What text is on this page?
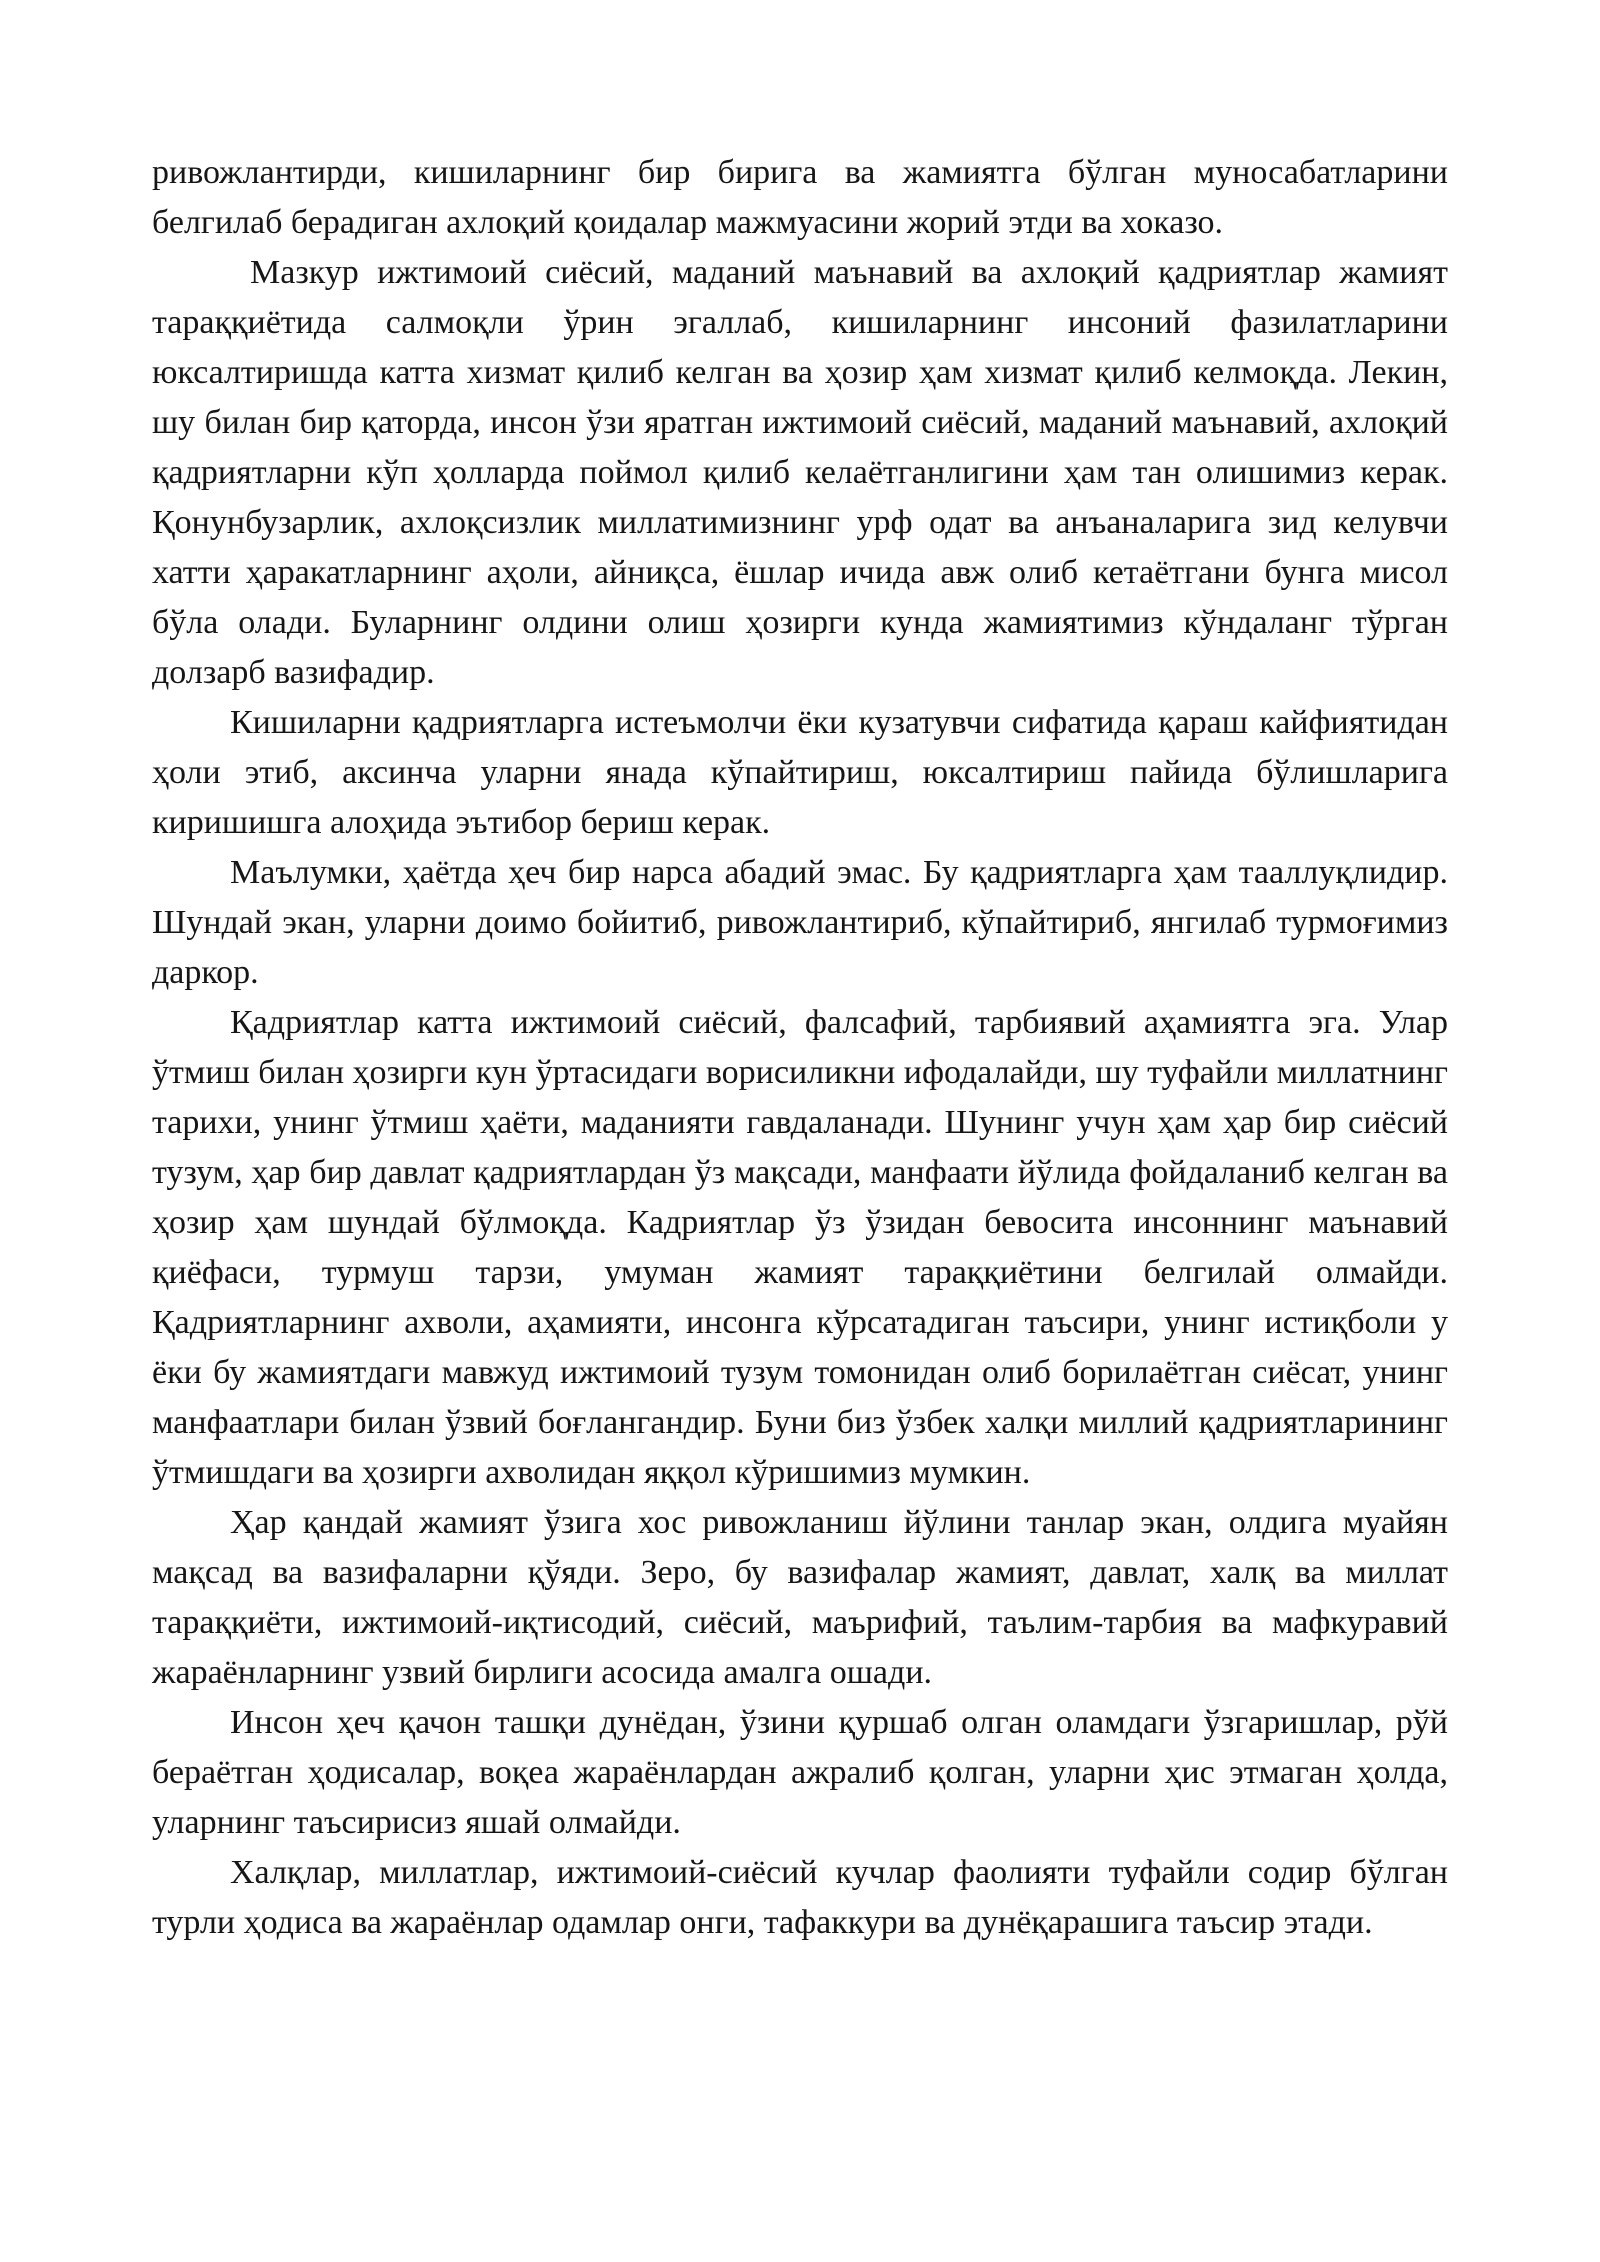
ривожлантирди, кишиларнинг бир бирига ва жамиятга бўлган муносабатларини белгилаб берадиган ахлоқий қоидалар мажмуасини жорий этди ва хоказо.

Мазкур ижтимоий сиёсий, маданий маънавий ва ахлоқий қадриятлар жамият тараққиётида салмоқли ўрин эгаллаб, кишиларнинг инсоний фазилатларини юксалтиришда катта хизмат қилиб келган ва ҳозир ҳам хизмат қилиб келмоқда. Лекин, шу билан бир қаторда, инсон ўзи яратган ижтимоий сиёсий, маданий маънавий, ахлоқий қадриятларни кўп ҳолларда поймол қилиб келаётганлигини ҳам тан олишимиз керак. Қонунбузарлик, ахлоқсизлик миллатимизнинг урф одат ва анъаналарига зид келувчи хатти ҳаракатларнинг аҳоли, айниқса, ёшлар ичида авж олиб кетаётгани бунга мисол бўла олади. Буларнинг олдини олиш ҳозирги кунда жамиятимиз кўндаланг тўрган долзарб вазифадир.

Кишиларни қадриятларга истеъмолчи ёки кузатувчи сифатида қараш кайфиятидан ҳоли этиб, аксинча уларни янада кўпайтириш, юксалтириш пайида бўлишларига киришишга алоҳида эътибор бериш керак.

Маълумки, ҳаётда ҳеч бир нарса абадий эмас. Бу қадриятларга ҳам тааллуқлидир. Шундай экан, уларни доимо бойитиб, ривожлантириб, кўпайтириб, янгилаб турмоғимиз даркор.

Қадриятлар катта ижтимоий сиёсий, фалсафий, тарбиявий аҳамиятга эга. Улар ўтмиш билан ҳозирги кун ўртасидаги ворисиликни ифодалайди, шу туфайли миллатнинг тарихи, унинг ўтмиш ҳаёти, маданияти гавдаланади. Шунинг учун ҳам ҳар бир сиёсий тузум, ҳар бир давлат қадриятлардан ўз мақсади, манфаати йўлида фойдаланиб келган ва ҳозир ҳам шундай бўлмоқда. Кадриятлар ўз ўзидан бевосита инсоннинг маънавий қиёфаси, турмуш тарзи, умуман жамият тараққиётини белгилай олмайди. Қадриятларнинг ахволи, аҳамияти, инсонга кўрсатадиган таъсири, унинг истиқболи у ёки бу жамиятдаги мавжуд ижтимоий тузум томонидан олиб борилаётган сиёсат, унинг манфаатлари билан ўзвий боғлангандир. Буни биз ўзбек халқи миллий қадриятларининг ўтмишдаги ва ҳозирги ахволидан яққол кўришимиз мумкин.

Ҳар қандай жамият ўзига хос ривожланиш йўлини танлар экан, олдига муайян мақсад ва вазифаларни қўяди. Зеро, бу вазифалар жамият, давлат, халқ ва миллат тараққиёти, ижтимоий-иқтисодий, сиёсий, маърифий, таълим-тарбия ва мафкуравий жараёнларнинг узвий бирлиги асосида амалга ошади.

Инсон ҳеч қачон ташқи дунёдан, ўзини қуршаб олган оламдаги ўзгаришлар, рўй бераётган ҳодисалар, воқеа жараёнлардан ажралиб қолган, уларни ҳис этмаган ҳолда, уларнинг таъсирисиз яшай олмайди.

Халқлар, миллатлар, ижтимоий-сиёсий кучлар фаолияти туфайли содир бўлган турли ҳодиса ва жараёнлар одамлар онги, тафаккури ва дунёқарашига таъсир этади.
